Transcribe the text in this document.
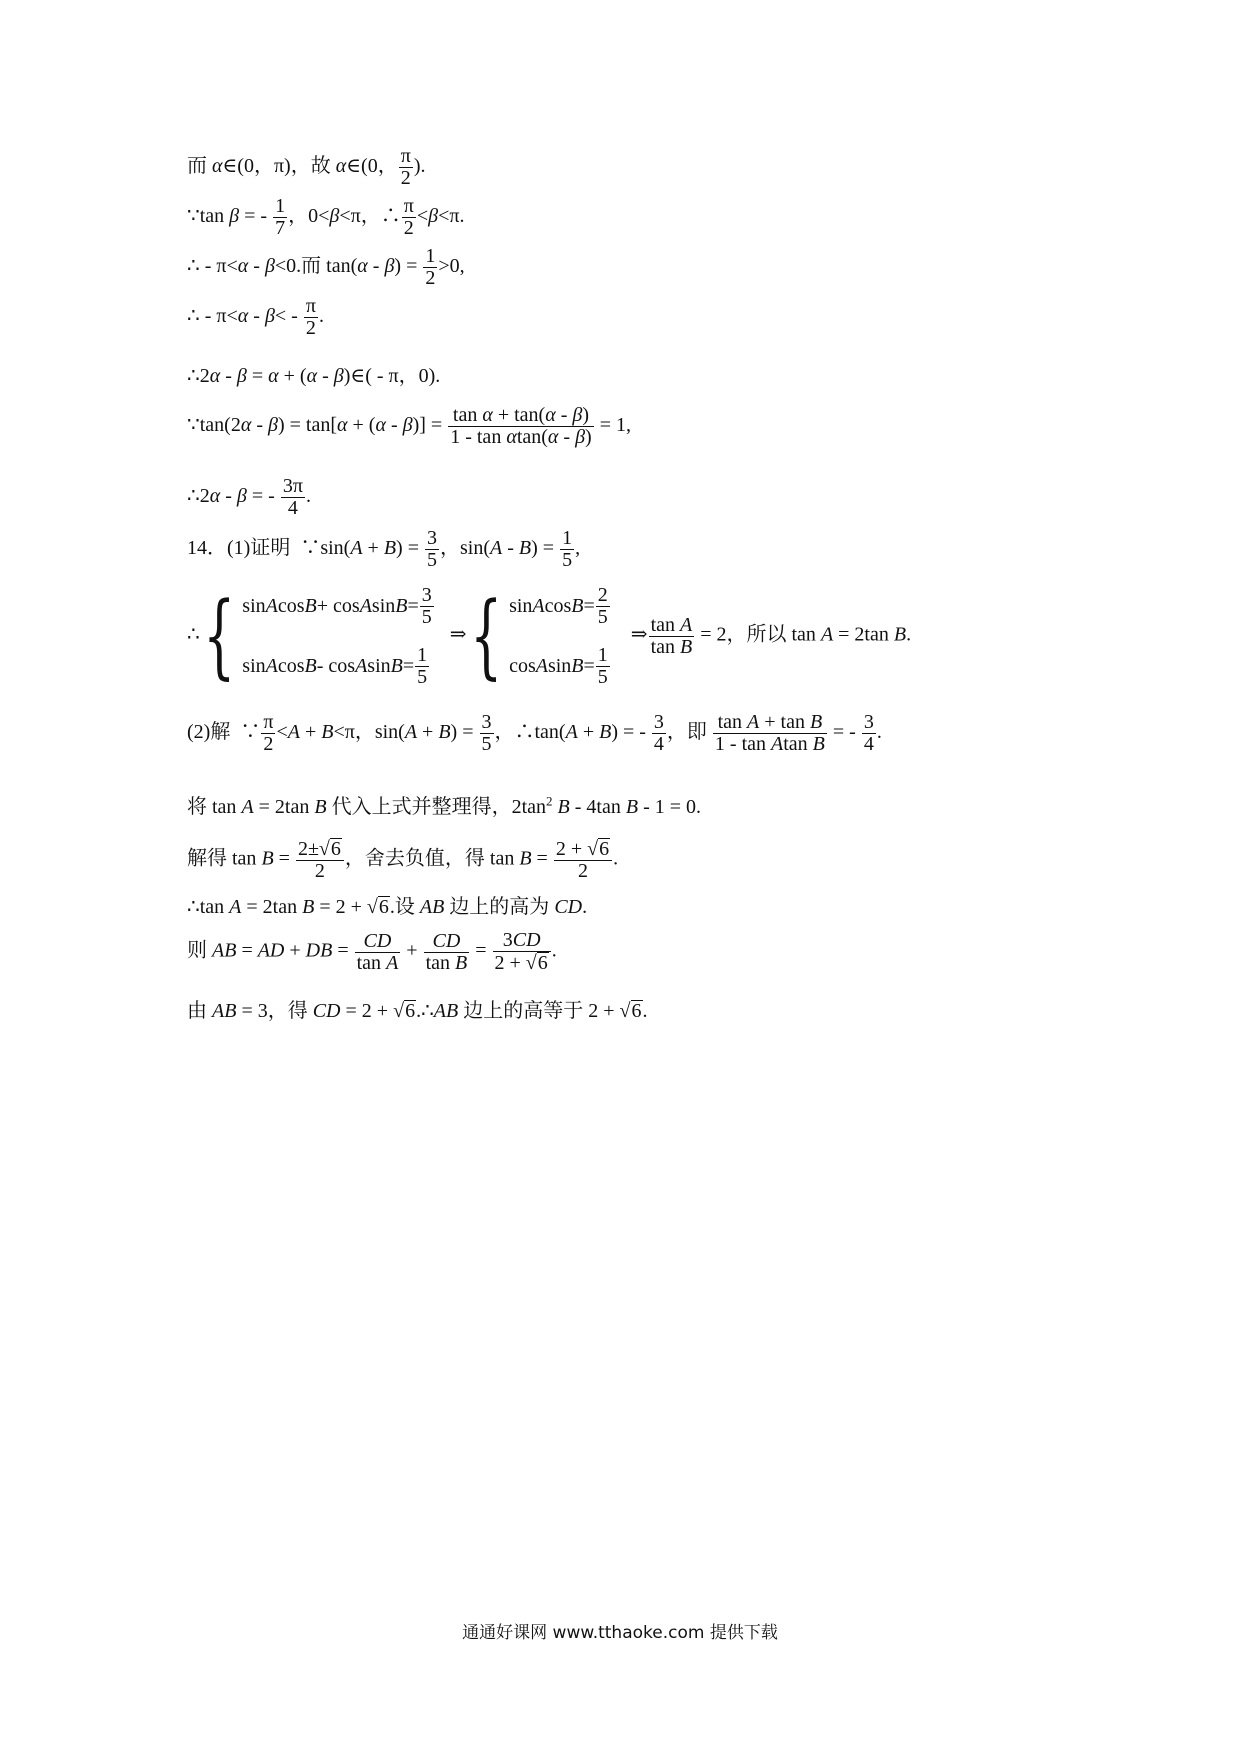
而 α∈(0，π)，故 α∈(0， $\frac{\pi}{2}$ ).
∵tan β = - $\frac{1}{7}$ ，0<β<π，∴ $\frac{\pi}{2} <\beta<\pi$.
∴ - π<α - β<0.而 $\tan(\alpha - \beta) = \frac{1}{2} >0$,
∴ - $\pi<\alpha - \beta< - \frac{\pi}{2}$ .
∴2α - β = α + (α - β)∈( - π，0).
∵tan(2α - $\beta) = \tan[\alpha + (\alpha - \beta)] = \frac{\text{tan α + tan(α - β)}}{\text{1 - tan αtan(α - β)}} = 1$,
∴2α - β = - $\frac{3\pi}{4}$ .
14．(1)证明  ∵sin(A + $B) = \frac{3}{5}$ ，$\sin(A - B) = \frac{1}{5}$ ,
∴{ sin A cos B + cos A $\sin B = \frac{3}{5}$
sin A cos B - cos A $\sin B = \frac{1}{5}$
⇒{ sin A $\cos B = \frac{2}{5}$
cos A $\sin B = \frac{1}{5}$
⇒ $\frac{\text{tan A}}{\text{tan B}} = 2$，所以 tan A = 2tan B.
(2)解  ∵ $\frac{\pi}{2} <A + B<\pi$，$\sin(A + B) = \frac{3}{5}$ ，∴tan(A + B) = - $\frac{3}{4}$ ，即 $\frac{\text{tan A + tan B}}{\text{1 - tan Atan B}}$ = - $\frac{3}{4}$ .
将 tan A = 2tan B 代入上式并整理得，$2\tan^2$ B - 4tan B - 1 = 0.
解得 $\tan B = \frac{2\pm√6}{2}$ ，舍去负值，得 $\tan B = \frac{2 + √6}{2}$ .
∴tan A = 2tan B = 2 + √6.设 AB 边上的高为 CD.
则 AB = AD + DB = $\frac{CD}{\text{tan A}} + \frac{CD}{\text{tan B}} = \frac{3CD}{2 + √6}$ .
由 AB = 3，得 CD = 2 + √6.∴AB 边上的高等于 2 + √6.
通通好课网 www.tthaoke.com 提供下载
